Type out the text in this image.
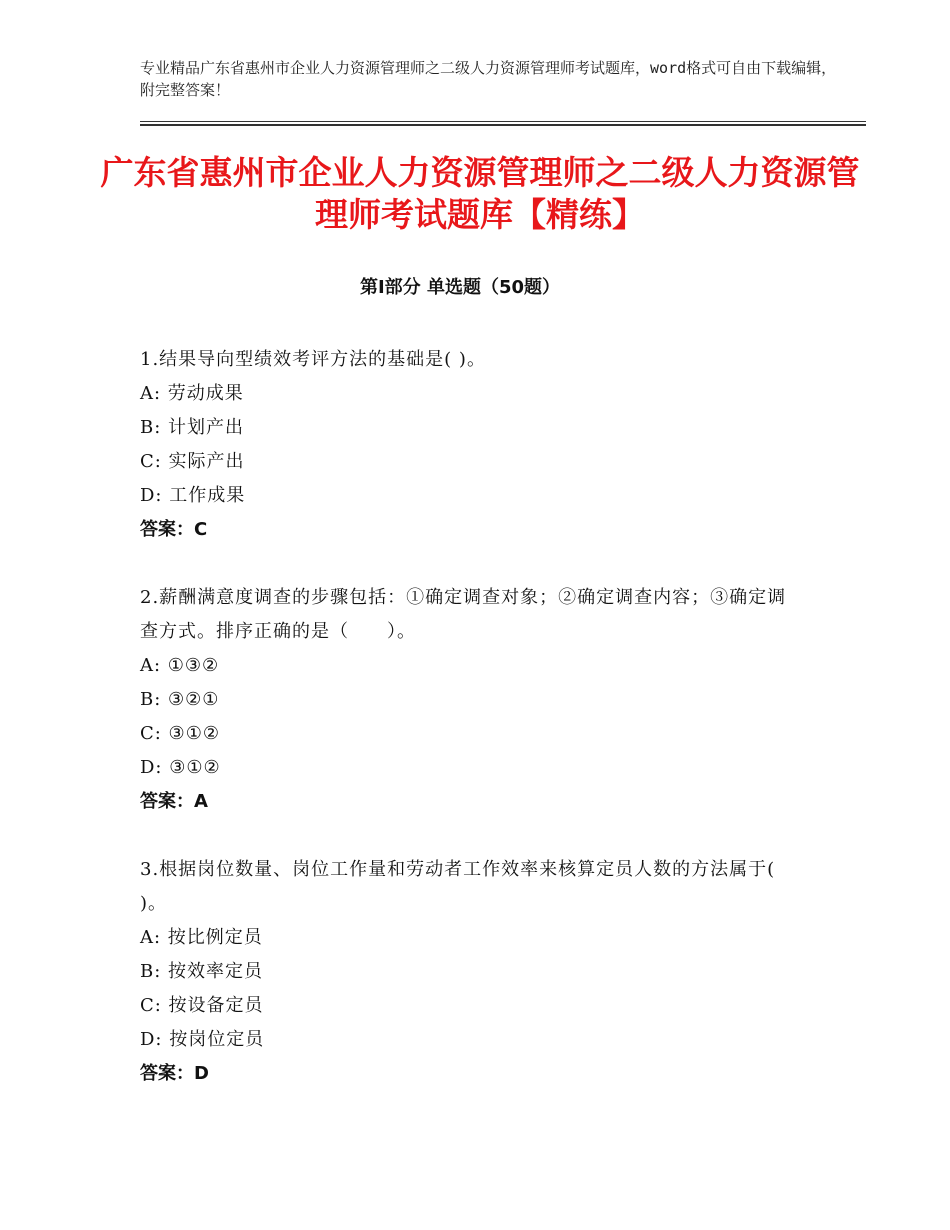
专业精品广东省惠州市企业人力资源管理师之二级人力资源管理师考试题库，word格式可自由下载编辑，附完整答案！
广东省惠州市企业人力资源管理师之二级人力资源管理师考试题库【精练】
第Ⅰ部分 单选题（50题）

1.结果导向型绩效考评方法的基础是( )。

A: 劳动成果

B: 计划产出

C: 实际产出

D: 工作成果

答案：C

2.薪酬满意度调查的步骤包括：①确定调查对象；②确定调查内容；③确定调查方式。排序正确的是（　　）。

A: ①③②

B: ③②①

C: ③①②

D: ③①②

答案：A

3.根据岗位数量、岗位工作量和劳动者工作效率来核算定员人数的方法属于( )。

A: 按比例定员

B: 按效率定员

C: 按设备定员

D: 按岗位定员

答案：D
